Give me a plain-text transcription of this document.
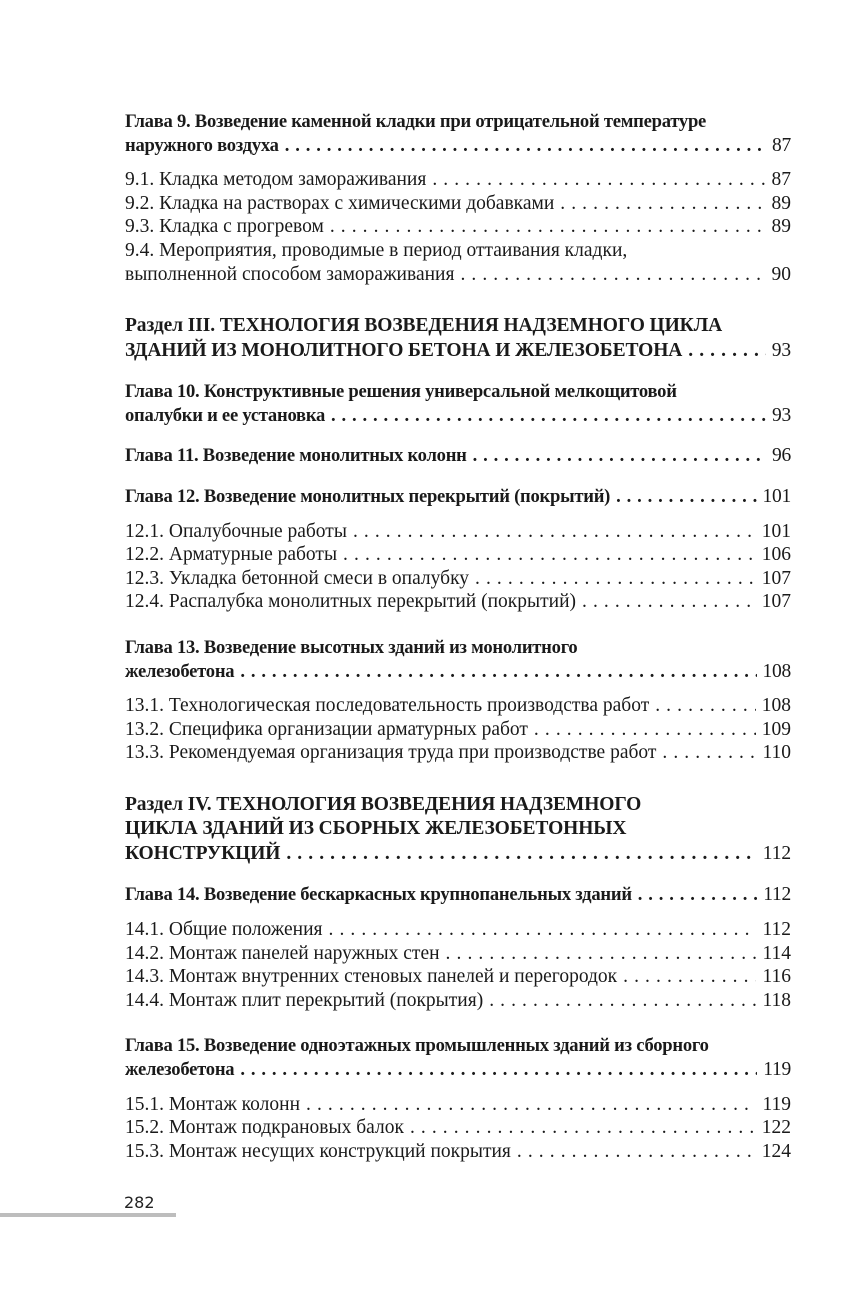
Глава 9. Возведение каменной кладки при отрицательной температуре
наружного воздуха . . .	87
9.1. Кладка методом замораживания . . .	87
9.2. Кладка на растворах с химическими добавками . . .	89
9.3. Кладка с прогревом . . .	89
9.4. Мероприятия, проводимые в период оттаивания кладки,
выполненной способом замораживания . . .	90
Раздел III. ТЕХНОЛОГИЯ ВОЗВЕДЕНИЯ НАДЗЕМНОГО ЦИКЛА
ЗДАНИЙ ИЗ МОНОЛИТНОГО БЕТОНА И ЖЕЛЕЗОБЕТОНА . . .	93
Глава 10. Конструктивные решения универсальной мелкощитовой
опалубки и ее установка . . .	93
Глава 11. Возведение монолитных колонн . . .	96
Глава 12. Возведение монолитных перекрытий (покрытий) . . .	101
12.1. Опалубочные работы . . .	101
12.2. Арматурные работы . . .	106
12.3. Укладка бетонной смеси в опалубку . . .	107
12.4. Распалубка монолитных перекрытий (покрытий) . . .	107
Глава 13. Возведение высотных зданий из монолитного
железобетона . . .	108
13.1. Технологическая последовательность производства работ . . .	108
13.2. Специфика организации арматурных работ . . .	109
13.3. Рекомендуемая организация труда при производстве работ . . .	110
Раздел IV. ТЕХНОЛОГИЯ ВОЗВЕДЕНИЯ НАДЗЕМНОГО
ЦИКЛА ЗДАНИЙ ИЗ СБОРНЫХ ЖЕЛЕЗОБЕТОННЫХ
КОНСТРУКЦИЙ . . .	112
Глава 14. Возведение бескаркасных крупнопанельных зданий . . .	112
14.1. Общие положения . . .	112
14.2. Монтаж панелей наружных стен . . .	114
14.3. Монтаж внутренних стеновых панелей и перегородок . . .	116
14.4. Монтаж плит перекрытий (покрытия) . . .	118
Глава 15. Возведение одноэтажных промышленных зданий из сборного
железобетона . . .	119
15.1. Монтаж колонн . . .	119
15.2. Монтаж подкрановых балок . . .	122
15.3. Монтаж несущих конструкций покрытия . . .	124
282
